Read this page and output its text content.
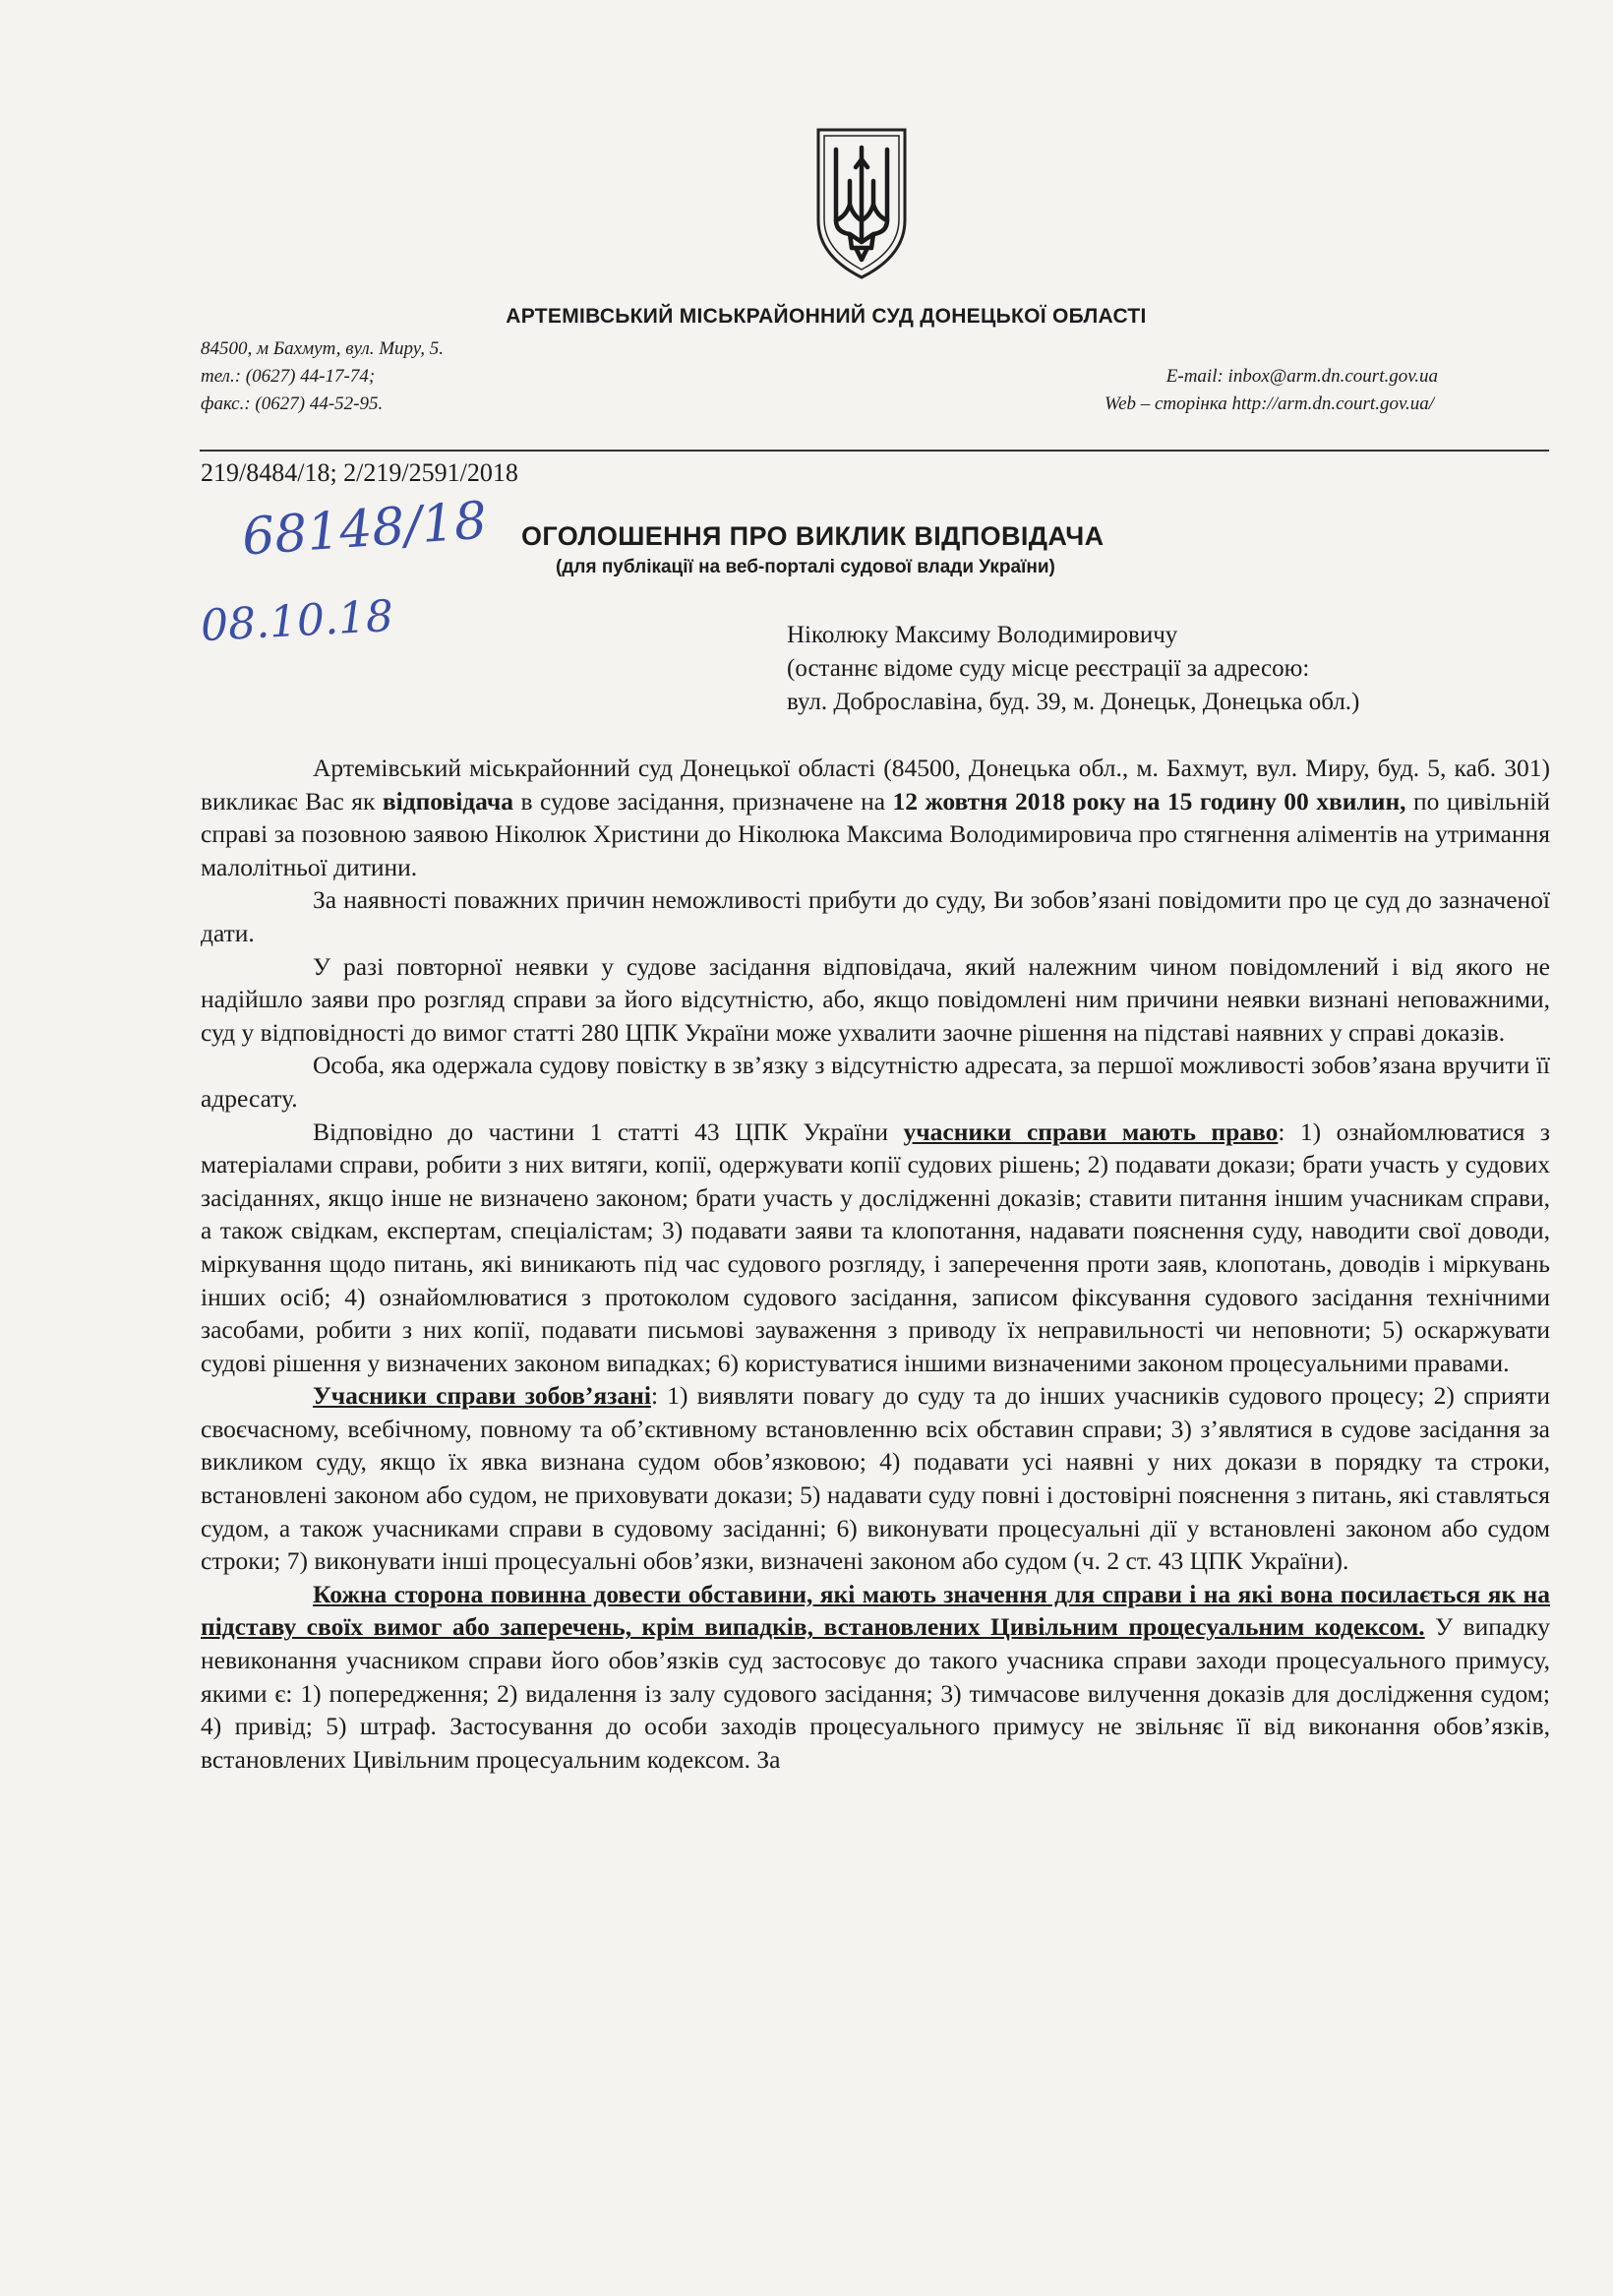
АРТЕМІВСЬКИЙ МІСЬКРАЙОННИЙ СУД ДОНЕЦЬКОЇ ОБЛАСТІ
84500, м Бахмут, вул. Миру, 5.
тел.: (0627) 44-17-74;
факс.: (0627) 44-52-95.
E-mail: inbox@arm.dn.court.gov.ua
Web – сторінка http://arm.dn.court.gov.ua/
219/8484/18; 2/219/2591/2018
68148/18
08.10.18
ОГОЛОШЕННЯ ПРО ВИКЛИК ВІДПОВІДАЧА
(для публікації на веб-порталі судової влади України)
Ніколюку Максиму Володимировичу
(останнє відоме суду місце реєстрації за адресою:
вул. Доброславіна, буд. 39, м. Донецьк, Донецька обл.)

Артемівський міськрайонний суд Донецької області (84500, Донецька обл., м. Бахмут, вул. Миру, буд. 5, каб. 301) викликає Вас як відповідача в судове засідання, призначене на 12 жовтня 2018 року на 15 годину 00 хвилин, по цивільній справі за позовною заявою Ніколюк Христини до Ніколюка Максима Володимировича про стягнення аліментів на утримання малолітньої дитини.

За наявності поважних причин неможливості прибути до суду, Ви зобов’язані повідомити про це суд до зазначеної дати.

У разі повторної неявки у судове засідання відповідача, який належним чином повідомлений і від якого не надійшло заяви про розгляд справи за його відсутністю, або, якщо повідомлені ним причини неявки визнані неповажними, суд у відповідності до вимог статті 280 ЦПК України може ухвалити заочне рішення на підставі наявних у справі доказів.

Особа, яка одержала судову повістку в зв’язку з відсутністю адресата, за першої можливості зобов’язана вручити її адресату.

Відповідно до частини 1 статті 43 ЦПК України учасники справи мають право: 1) ознайомлюватися з матеріалами справи, робити з них витяги, копії, одержувати копії судових рішень; 2) подавати докази; брати участь у судових засіданнях, якщо інше не визначено законом; брати участь у дослідженні доказів; ставити питання іншим учасникам справи, а також свідкам, експертам, спеціалістам; 3) подавати заяви та клопотання, надавати пояснення суду, наводити свої доводи, міркування щодо питань, які виникають під час судового розгляду, і заперечення проти заяв, клопотань, доводів і міркувань інших осіб; 4) ознайомлюватися з протоколом судового засідання, записом фіксування судового засідання технічними засобами, робити з них копії, подавати письмові зауваження з приводу їх неправильності чи неповноти; 5) оскаржувати судові рішення у визначених законом випадках; 6) користуватися іншими визначеними законом процесуальними правами.

Учасники справи зобов’язані: 1) виявляти повагу до суду та до інших учасників судового процесу; 2) сприяти своєчасному, всебічному, повному та об’єктивному встановленню всіх обставин справи; 3) з’являтися в судове засідання за викликом суду, якщо їх явка визнана судом обов’язковою; 4) подавати усі наявні у них докази в порядку та строки, встановлені законом або судом, не приховувати докази; 5) надавати суду повні і достовірні пояснення з питань, які ставляться судом, а також учасниками справи в судовому засіданні; 6) виконувати процесуальні дії у встановлені законом або судом строки; 7) виконувати інші процесуальні обов’язки, визначені законом або судом (ч. 2 ст. 43 ЦПК України).

Кожна сторона повинна довести обставини, які мають значення для справи і на які вона посилається як на підставу своїх вимог або заперечень, крім випадків, встановлених Цивільним процесуальним кодексом. У випадку невиконання учасником справи його обов’язків суд застосовує до такого учасника справи заходи процесуального примусу, якими є: 1) попередження; 2) видалення із залу судового засідання; 3) тимчасове вилучення доказів для дослідження судом; 4) привід; 5) штраф. Застосування до особи заходів процесуального примусу не звільняє її від виконання обов’язків, встановлених Цивільним процесуальним кодексом. За
